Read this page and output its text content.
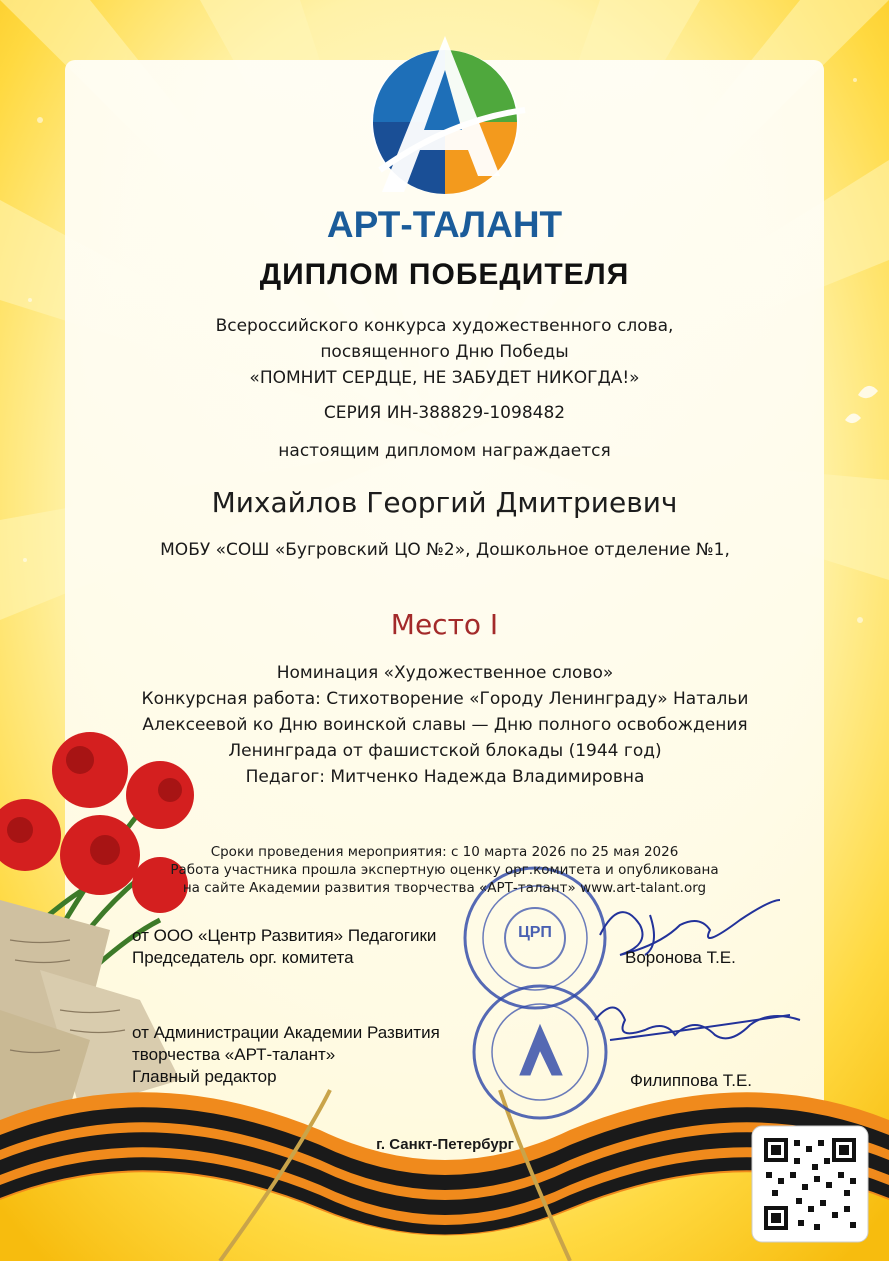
АРТ-ТАЛАНТ
ДИПЛОМ ПОБЕДИТЕЛЯ
Всероссийского конкурса художественного слова,
посвященного Дню Победы
«ПОМНИТ СЕРДЦЕ, НЕ ЗАБУДЕТ НИКОГДА!»
СЕРИЯ ИН-388829-1098482
настоящим дипломом награждается
Михайлов Георгий Дмитриевич
МОБУ «СОШ «Бугровский ЦО №2», Дошкольное отделение №1,
Место I
Номинация «Художественное слово»
Конкурсная работа: Стихотворение «Городу Ленинграду» Натальи Алексеевой ко Дню воинской славы — Дню полного освобождения Ленинграда от фашистской блокады (1944 год)
Педагог: Митченко Надежда Владимировна
Сроки проведения мероприятия: с 10 марта 2026 по 25 мая 2026
Работа участника прошла экспертную оценку орг.комитета и опубликована
на сайте Академии развития творчества «АРТ-талант» www.art-talant.org
от ООО «Центр Развития» Педагогики
Председатель орг. комитета	Воронова Т.Е.
от Администрации Академии Развития
творчества «АРТ-талант»
Главный редактор	Филиппова Т.Е.
ЦРП
г. Санкт-Петербург
